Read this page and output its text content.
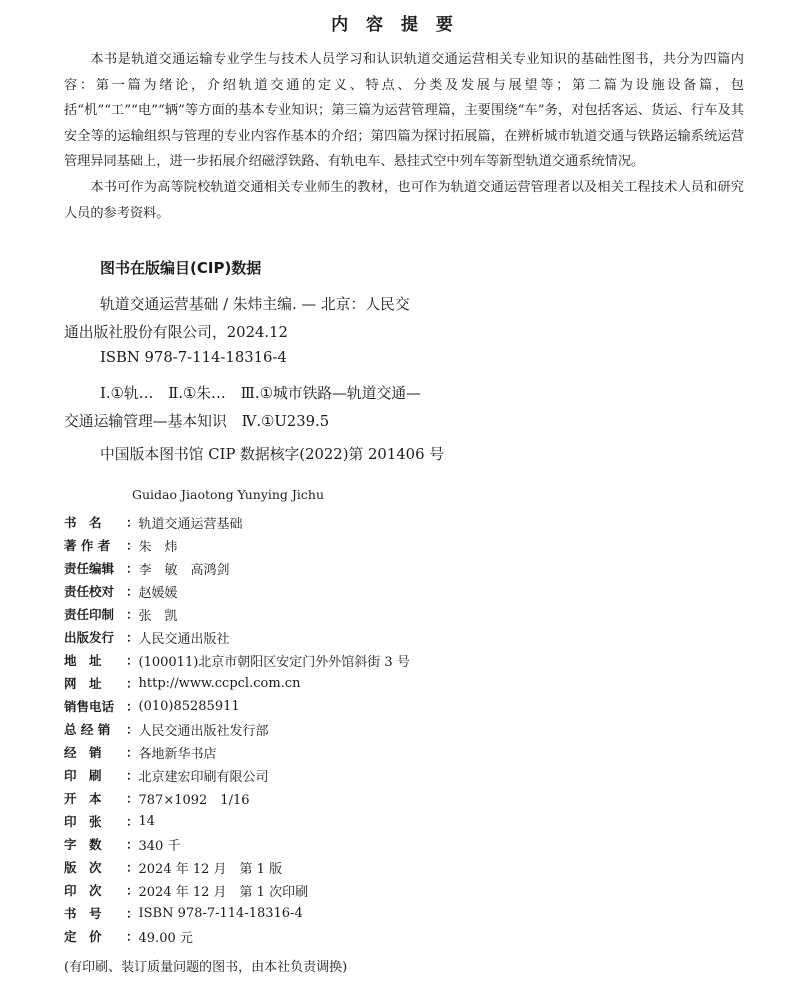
内 容 提 要

本书是轨道交通运输专业学生与技术人员学习和认识轨道交通运营相关专业知识的基础性图书，共分为四篇内容：第一篇为绪论，介绍轨道交通的定义、特点、分类及发展与展望等；第二篇为设施设备篇，包括“机”“工”“电”“辆”等方面的基本专业知识；第三篇为运营管理篇，主要围绕“车”务，对包括客运、货运、行车及其安全等的运输组织与管理的专业内容作基本的介绍；第四篇为探讨拓展篇，在辨析城市轨道交通与铁路运输系统运营管理异同基础上，进一步拓展介绍磁浮铁路、有轨电车、悬挂式空中列车等新型轨道交通系统情况。

本书可作为高等院校轨道交通相关专业师生的教材，也可作为轨道交通运营管理者以及相关工程技术人员和研究人员的参考资料。

图书在版编目(CIP)数据
轨道交通运营基础 / 朱炜主编. — 北京：人民交
通出版社股份有限公司，2024.12
ISBN 978-7-114-18316-4
Ⅰ.①轨…　Ⅱ.①朱…　Ⅲ.①城市铁路—轨道交通—
交通运输管理—基本知识　Ⅳ.①U239.5
中国版本图书馆 CIP 数据核字(2022)第 201406 号
Guidao Jiaotong Yunying Jichu
书　名	： 轨道交通运营基础
著 作 者	： 朱　炜
责任编辑 ： 李　敏　高鸿剑
责任校对 ： 赵媛媛
责任印制 ： 张　凯
出版发行 ： 人民交通出版社
地　址	： (100011)北京市朝阳区安定门外外馆斜街 3 号
网　址	： http://www.ccpcl.com.cn
销售电话 ： (010)85285911
总 经 销	： 人民交通出版社发行部
经　销	： 各地新华书店
印　刷	： 北京建宏印刷有限公司
开　本	： 787×1092　1/16
印　张	： 14
字　数	： 340 千
版　次	： 2024 年 12 月　第 1 版
印　次	： 2024 年 12 月　第 1 次印刷
书　号	： ISBN 978-7-114-18316-4
定　价	： 49.00 元
(有印刷、装订质量问题的图书，由本社负责调换)
